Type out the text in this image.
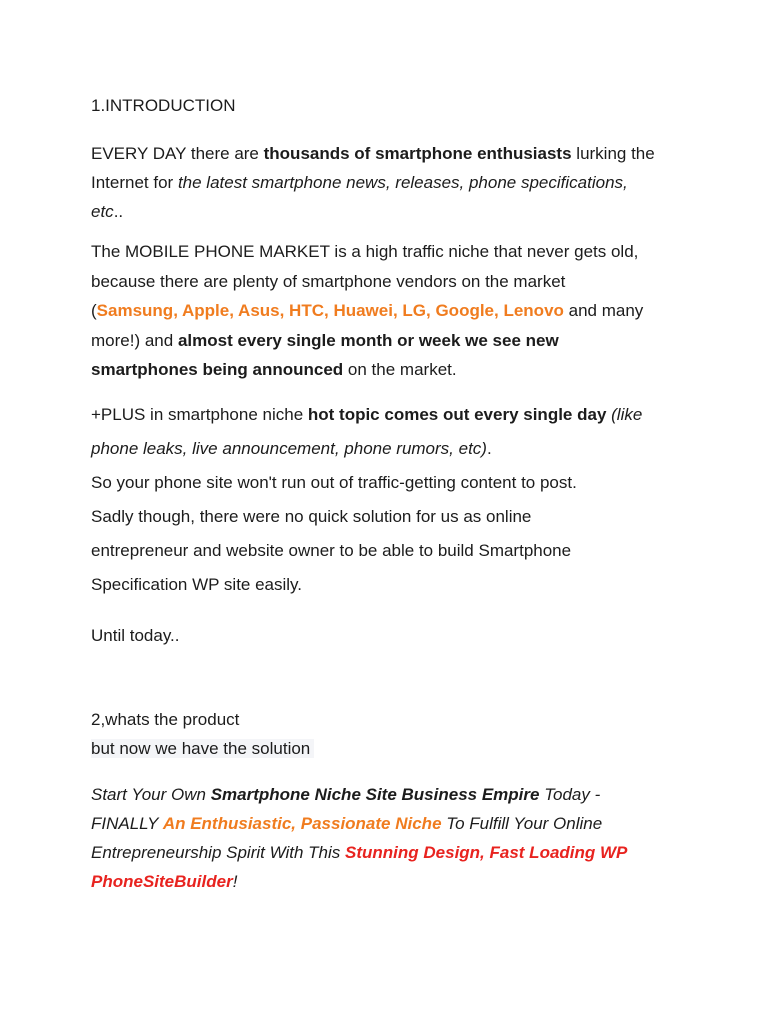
1.INTRODUCTION
EVERY DAY there are thousands of smartphone enthusiasts lurking the
Internet for the latest smartphone news, releases, phone specifications,
etc..
The MOBILE PHONE MARKET is a high traffic niche that never gets old,
because there are plenty of smartphone vendors on the market
(Samsung, Apple, Asus, HTC, Huawei, LG, Google, Lenovo and many
more!) and almost every single month or week we see new
smartphones being announced on the market.
+PLUS in smartphone niche hot topic comes out every single day (like
phone leaks, live announcement, phone rumors, etc).
So your phone site won't run out of traffic-getting content to post.
Sadly though, there were no quick solution for us as online
entrepreneur and website owner to be able to build Smartphone
Specification WP site easily.
Until today..
2,whats the product
but now we have the solution
Start Your Own Smartphone Niche Site Business Empire Today -
FINALLY An Enthusiastic, Passionate Niche To Fulfill Your Online
Entrepreneurship Spirit With This Stunning Design, Fast Loading WP
PhoneSiteBuilder!
